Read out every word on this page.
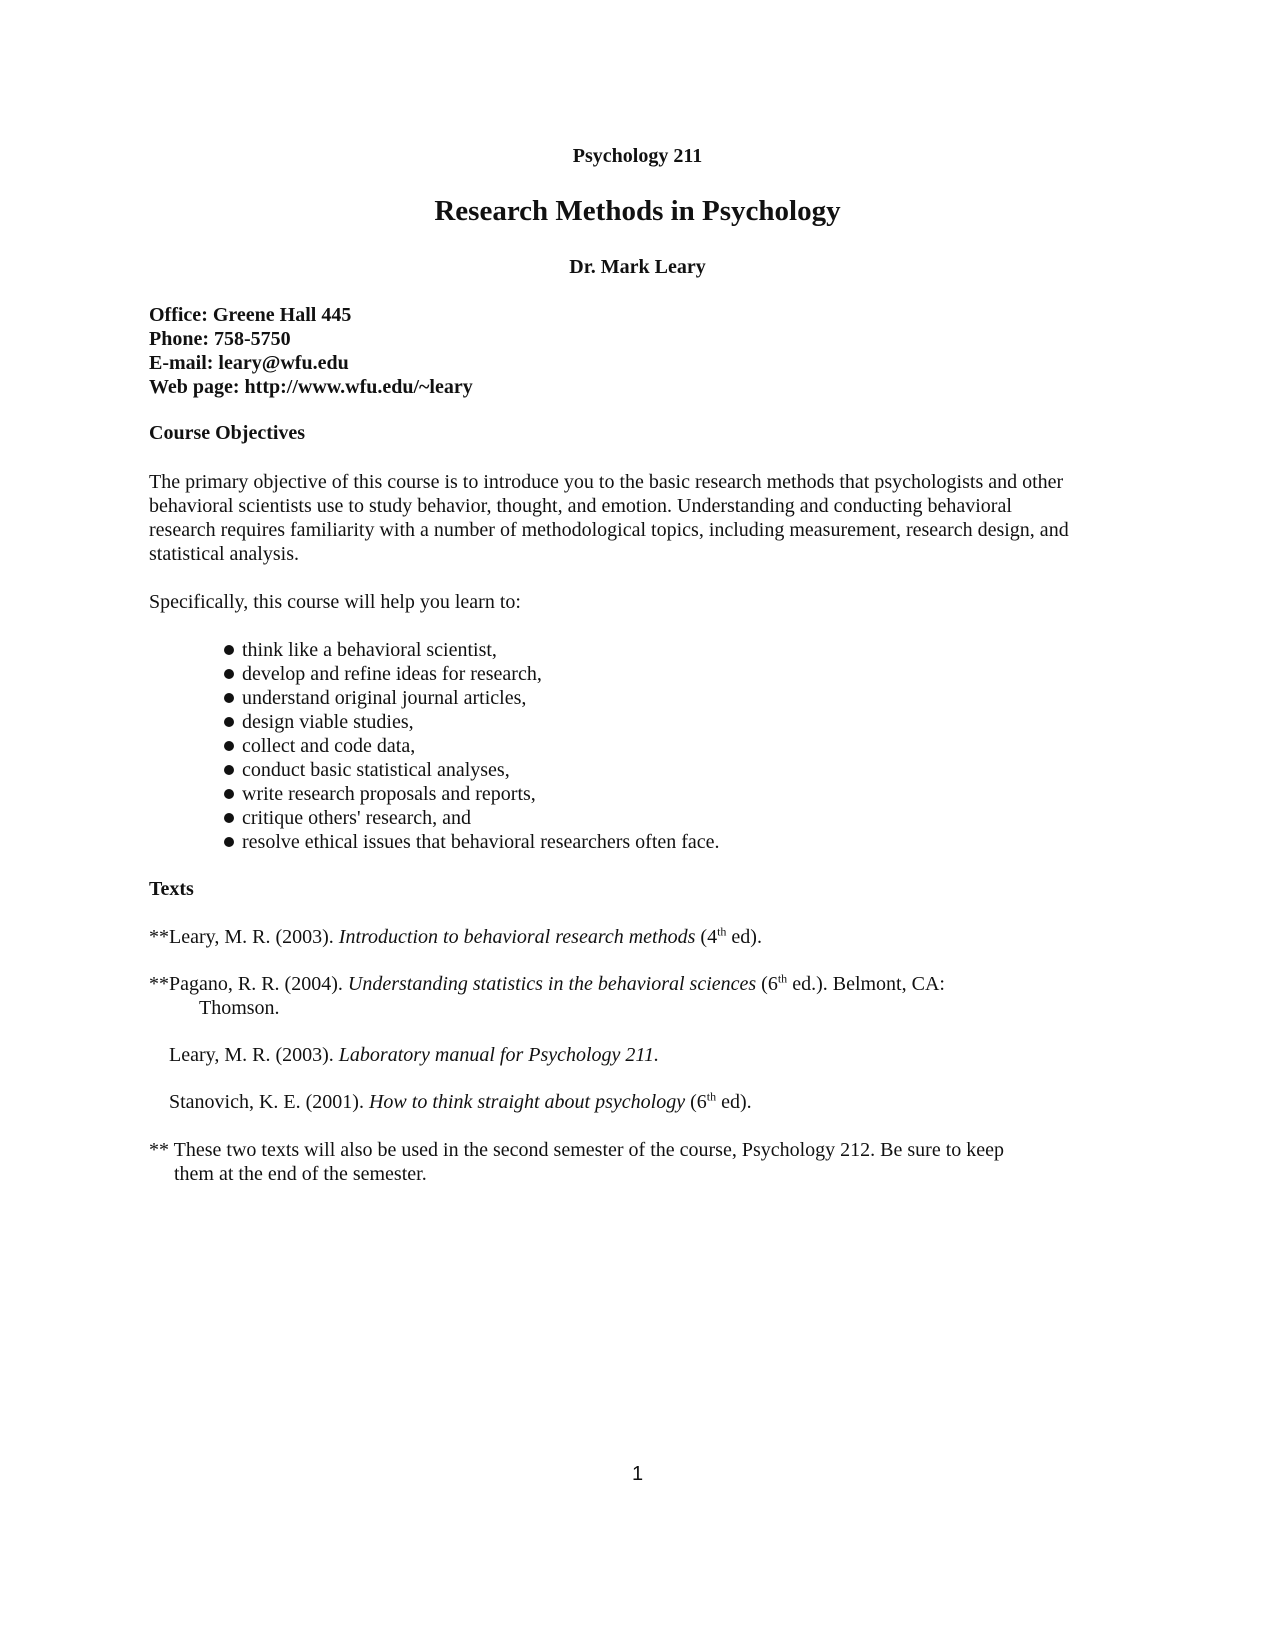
Psychology 211
Research Methods in Psychology
Dr. Mark Leary
Office: Greene Hall 445
Phone: 758-5750
E-mail: leary@wfu.edu
Web page: http://www.wfu.edu/~leary
Course Objectives
The primary objective of this course is to introduce you to the basic research methods that psychologists and other
behavioral scientists use to study behavior, thought, and emotion. Understanding and conducting behavioral
research requires familiarity with a number of methodological topics, including measurement, research design, and
statistical analysis.
Specifically, this course will help you learn to:
think like a behavioral scientist,
develop and refine ideas for research,
understand original journal articles,
design viable studies,
collect and code data,
conduct basic statistical analyses,
write research proposals and reports,
critique others' research, and
resolve ethical issues that behavioral researchers often face.
Texts
**Leary, M. R. (2003). Introduction to behavioral research methods (4th ed).
**Pagano, R. R. (2004). Understanding statistics in the behavioral sciences (6th ed.). Belmont, CA:
Thomson.
Leary, M. R. (2003). Laboratory manual for Psychology 211.
Stanovich, K. E. (2001). How to think straight about psychology (6th ed).
** These two texts will also be used in the second semester of the course, Psychology 212. Be sure to keep
them at the end of the semester.
1
